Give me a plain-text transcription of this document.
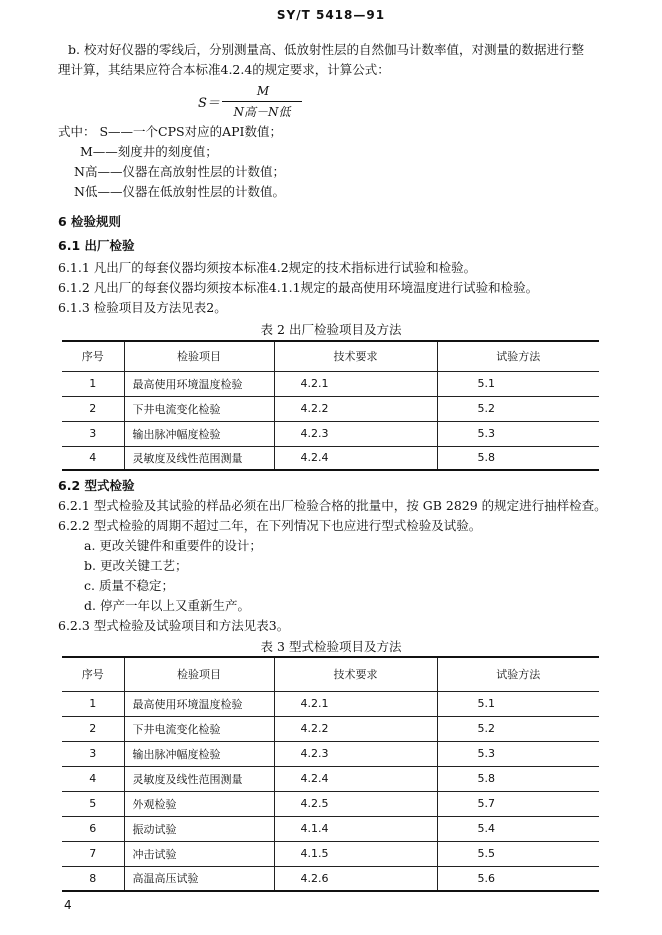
SY/T 5418—91
b. 校对好仪器的零线后，分别测量高、低放射性层的自然伽马计数率值，对测量的数据进行整
理计算，其结果应符合本标准4.2.4的规定要求，计算公式：
S＝
M
N高－N低
式中： S——一个CPS对应的API数值；
M——刻度井的刻度值；
N高——仪器在高放射性层的计数值；
N低——仪器在低放射性层的计数值。
6 检验规则
6.1 出厂检验
6.1.1 凡出厂的每套仪器均须按本标准4.2规定的技术指标进行试验和检验。
6.1.2 凡出厂的每套仪器均须按本标准4.1.1规定的最高使用环境温度进行试验和检验。
6.1.3 检验项目及方法见表2。
表 2 出厂检验项目及方法
序号	检验项目	技术要求	试验方法
1	最高使用环境温度检验	4.2.1	5.1
2	下井电流变化检验	4.2.2	5.2
3	输出脉冲幅度检验	4.2.3	5.3
4	灵敏度及线性范围测量	4.2.4	5.8
6.2 型式检验
6.2.1 型式检验及其试验的样品必须在出厂检验合格的批量中，按 GB 2829 的规定进行抽样检查。
6.2.2 型式检验的周期不超过二年，在下列情况下也应进行型式检验及试验。
a. 更改关键件和重要件的设计；
b. 更改关键工艺；
c. 质量不稳定；
d. 停产一年以上又重新生产。
6.2.3 型式检验及试验项目和方法见表3。
表 3 型式检验项目及方法
序号	检验项目	技术要求	试验方法
1	最高使用环境温度检验	4.2.1	5.1
2	下井电流变化检验	4.2.2	5.2
3	输出脉冲幅度检验	4.2.3	5.3
4	灵敏度及线性范围测量	4.2.4	5.8
5	外观检验	4.2.5	5.7
6	振动试验	4.1.4	5.4
7	冲击试验	4.1.5	5.5
8	高温高压试验	4.2.6	5.6
4
